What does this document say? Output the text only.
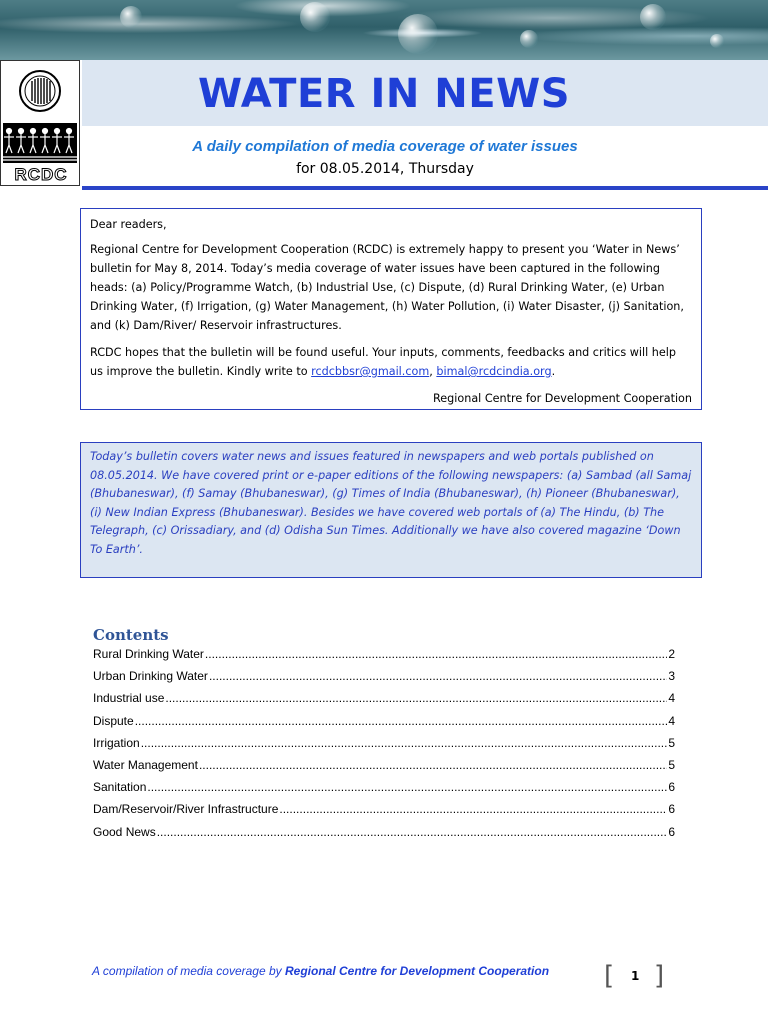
WATER IN NEWS
RCDC
A daily compilation of media coverage of water issues
for 08.05.2014, Thursday

Dear readers,

Regional Centre for Development Cooperation (RCDC) is extremely happy to present you ‘Water in News’ bulletin for May 8, 2014. Today’s media coverage of water issues have been captured in the following heads: (a) Policy/Programme Watch, (b) Industrial Use, (c) Dispute, (d) Rural Drinking Water, (e) Urban Drinking Water, (f) Irrigation, (g) Water Management, (h) Water Pollution, (i) Water Disaster, (j) Sanitation, and (k) Dam/River/ Reservoir infrastructures.

RCDC hopes that the bulletin will be found useful. Your inputs, comments, feedbacks and critics will help us improve the bulletin. Kindly write to rcdcbbsr@gmail.com, bimal@rcdcindia.org.

Regional Centre for Development Cooperation

Today’s bulletin covers water news and issues featured in newspapers and web portals published on 08.05.2014. We have covered print or e-paper editions of the following newspapers: (a) Sambad (all Samaj (Bhubaneswar), (f) Samay (Bhubaneswar), (g) Times of India (Bhubaneswar), (h) Pioneer (Bhubaneswar), (i) New Indian Express (Bhubaneswar). Besides we have covered web portals of (a) The Hindu, (b) The Telegraph, (c) Orissadiary, and (d) Odisha Sun Times. Additionally we have also covered magazine ‘Down To Earth’.
Contents
Rural Drinking Water .....	2
Urban Drinking Water .....	3
Industrial use .....	4
Dispute .....	4
Irrigation .....	5
Water Management .....	5
Sanitation .....	6
Dam/Reservoir/River Infrastructure .....	6
Good News .....	6
A compilation of media coverage by Regional Centre for Development Cooperation	[ 1 ]
